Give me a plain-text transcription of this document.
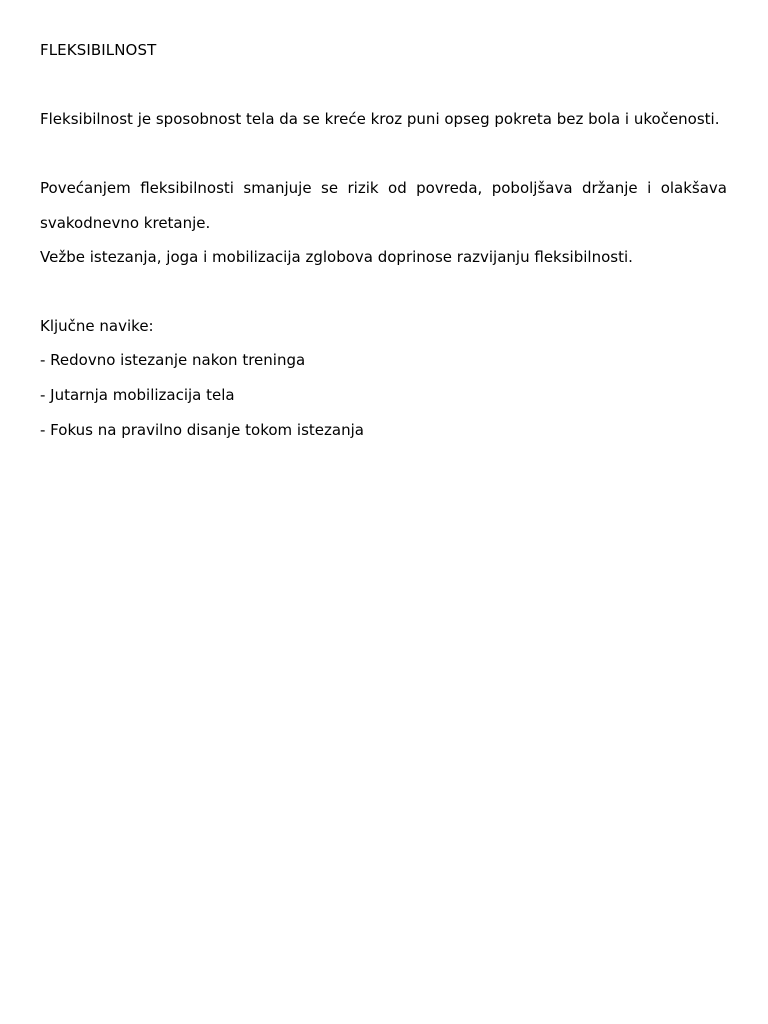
FLEKSIBILNOST

Fleksibilnost je sposobnost tela da se kreće kroz puni opseg pokreta bez bola i ukočenosti.

Povećanjem fleksibilnosti smanjuje se rizik od povreda, poboljšava držanje i olakšava svakodnevno kretanje.

Vežbe istezanja, joga i mobilizacija zglobova doprinose razvijanju fleksibilnosti.

Ključne navike:

- Redovno istezanje nakon treninga

- Jutarnja mobilizacija tela

- Fokus na pravilno disanje tokom istezanja
